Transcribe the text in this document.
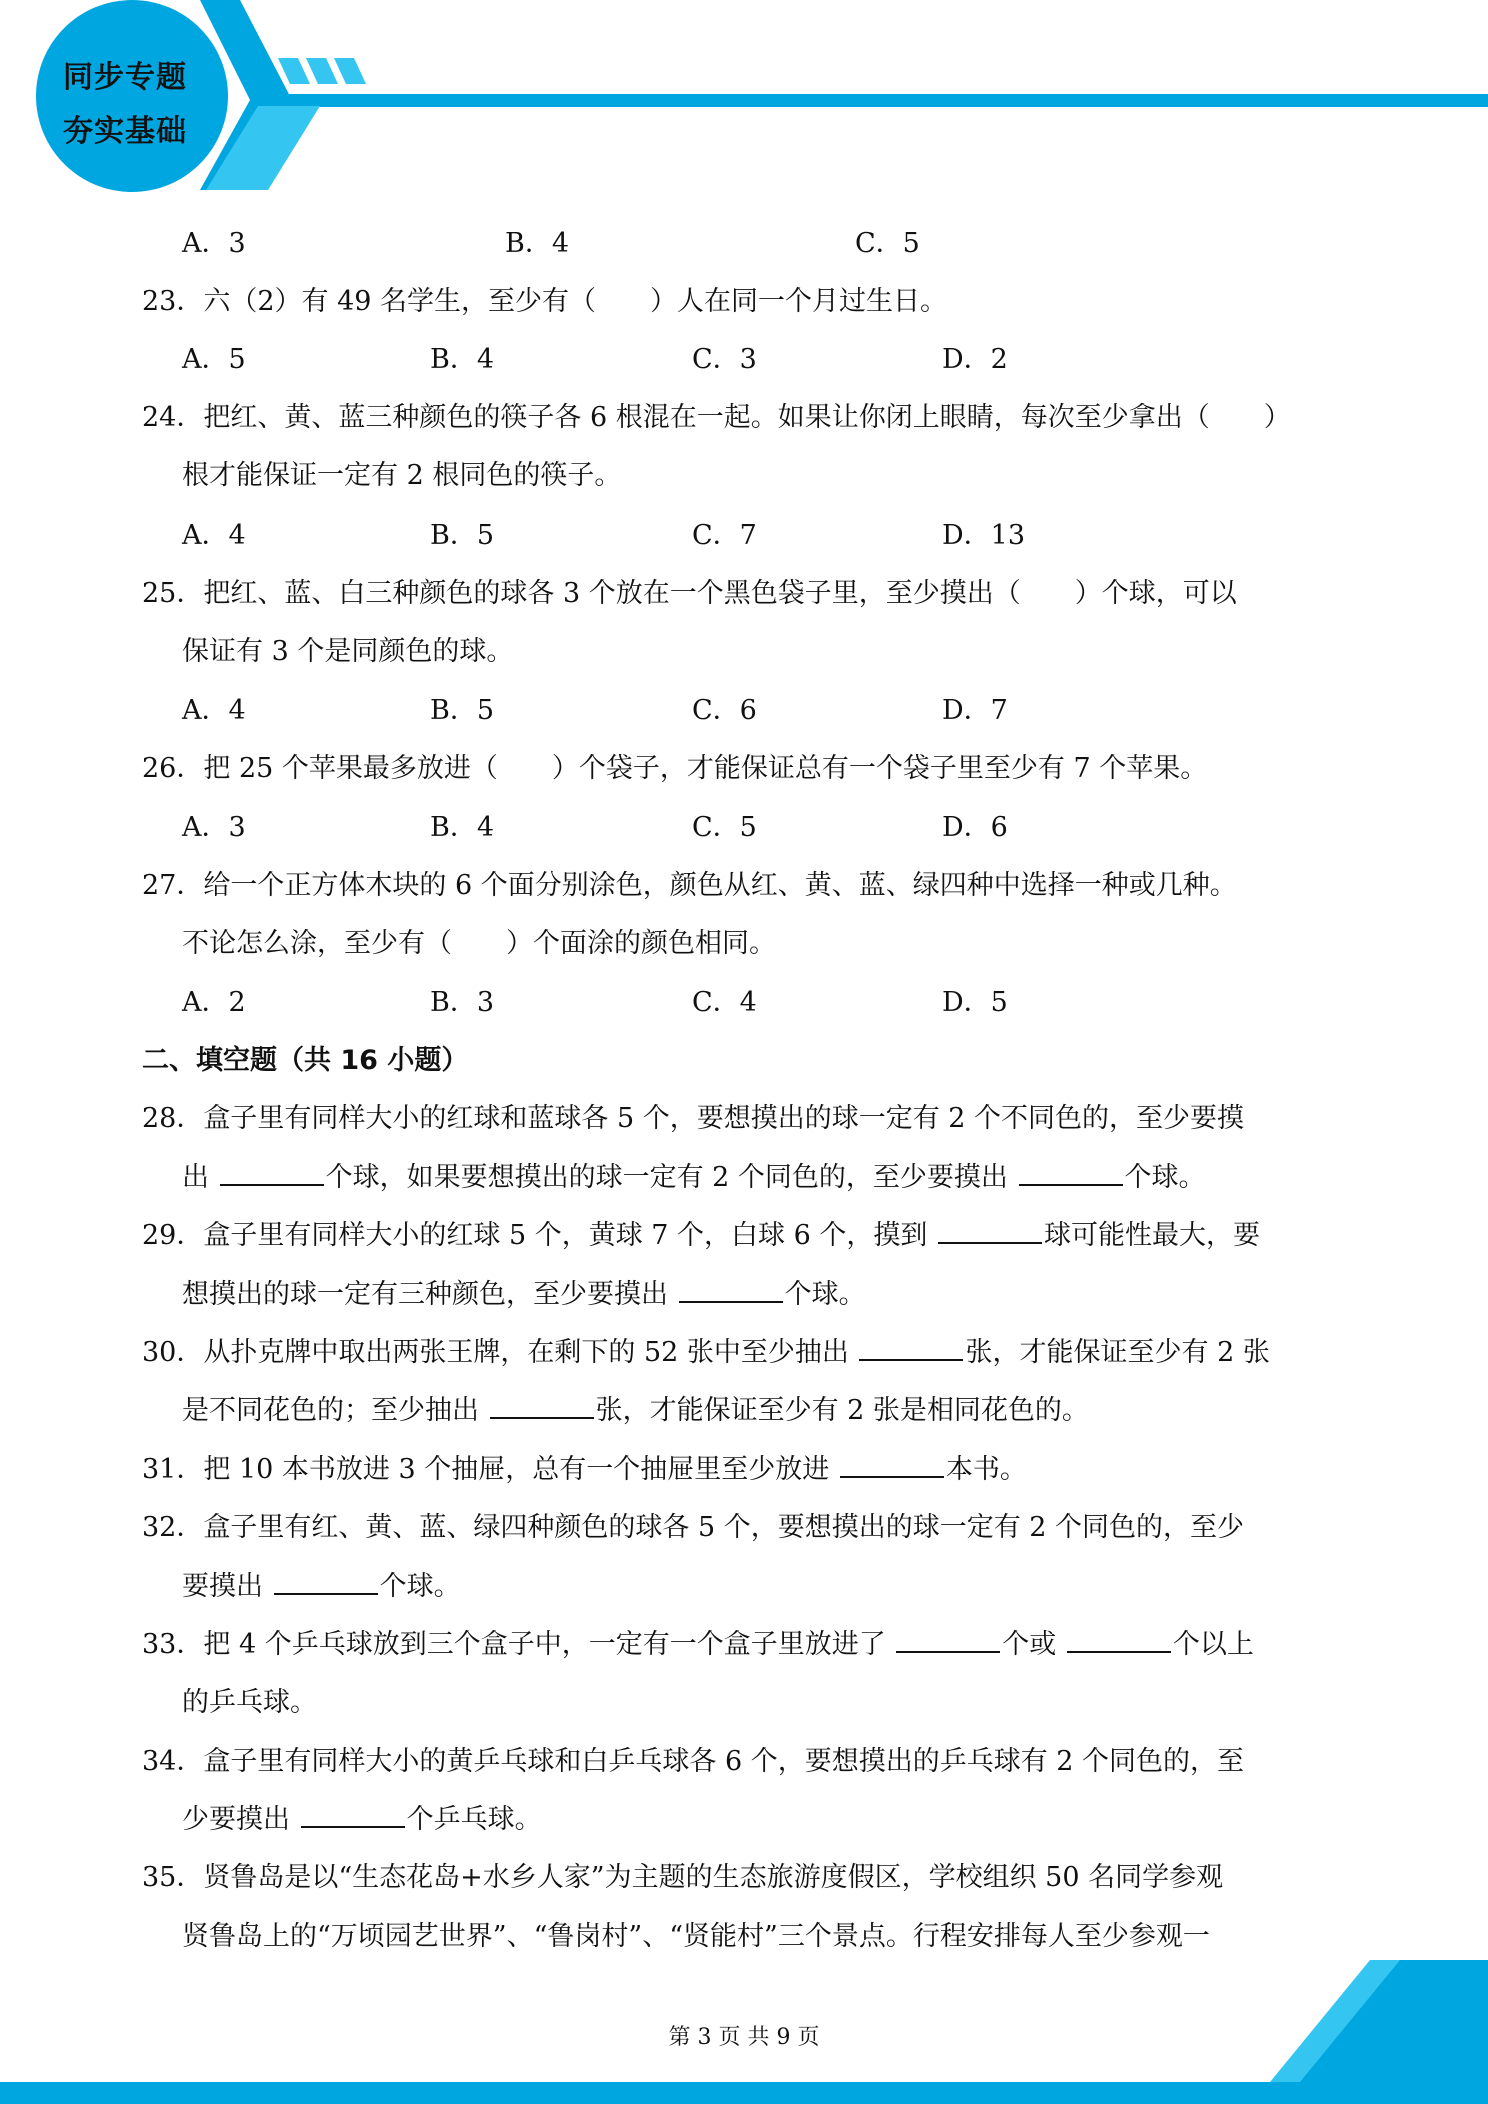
同步专题
夯实基础
A．3	B．4	C．5
23．六（2）有 49 名学生，至少有（　　）人在同一个月过生日。
A．5	B．4	C．3	D．2
24．把红、黄、蓝三种颜色的筷子各 6 根混在一起。如果让你闭上眼睛，每次至少拿出（　　）
根才能保证一定有 2 根同色的筷子。
A．4	B．5	C．7	D．13
25．把红、蓝、白三种颜色的球各 3 个放在一个黑色袋子里，至少摸出（　　）个球，可以
保证有 3 个是同颜色的球。
A．4	B．5	C．6	D．7
26．把 25 个苹果最多放进（　　）个袋子，才能保证总有一个袋子里至少有 7 个苹果。
A．3	B．4	C．5	D．6
27．给一个正方体木块的 6 个面分别涂色，颜色从红、黄、蓝、绿四种中选择一种或几种。
不论怎么涂，至少有（　　）个面涂的颜色相同。
A．2	B．3	C．4	D．5
二、填空题（共 16 小题）
28．盒子里有同样大小的红球和蓝球各 5 个，要想摸出的球一定有 2 个不同色的，至少要摸
出	个球，如果要想摸出的球一定有 2 个同色的，至少要摸出	个球。
29．盒子里有同样大小的红球 5 个，黄球 7 个，白球 6 个，摸到	球可能性最大，要
想摸出的球一定有三种颜色，至少要摸出	个球。
30．从扑克牌中取出两张王牌，在剩下的 52 张中至少抽出	张，才能保证至少有 2 张
是不同花色的；至少抽出	张，才能保证至少有 2 张是相同花色的。
31．把 10 本书放进 3 个抽屉，总有一个抽屉里至少放进	本书。
32．盒子里有红、黄、蓝、绿四种颜色的球各 5 个，要想摸出的球一定有 2 个同色的，至少
要摸出	个球。
33．把 4 个乒乓球放到三个盒子中，一定有一个盒子里放进了	个或	个以上
的乒乓球。
34．盒子里有同样大小的黄乒乓球和白乒乓球各 6 个，要想摸出的乒乓球有 2 个同色的，至
少要摸出	个乒乓球。
35．贤鲁岛是以“生态花岛+水乡人家”为主题的生态旅游度假区，学校组织 50 名同学参观
贤鲁岛上的“万顷园艺世界”、“鲁岗村”、“贤能村”三个景点。行程安排每人至少参观一
第 3 页 共 9 页
